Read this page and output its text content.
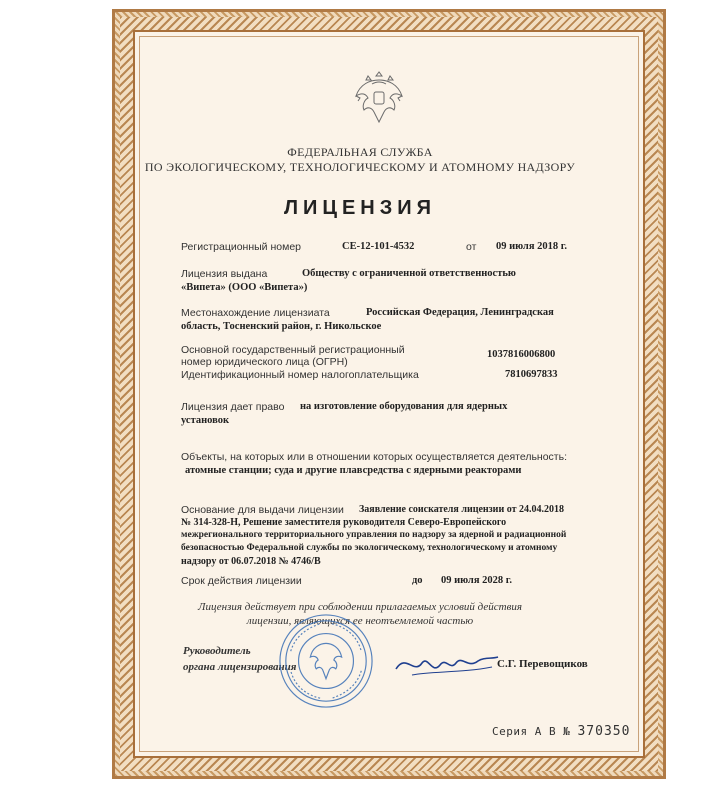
ФЕДЕРАЛЬНАЯ СЛУЖБА
ПО ЭКОЛОГИЧЕСКОМУ, ТЕХНОЛОГИЧЕСКОМУ И АТОМНОМУ НАДЗОРУ
ЛИЦЕНЗИЯ
Регистрационный номер	СЕ-12-101-4532	от 09 июля 2018 г.
Лицензия выдана	Обществу с ограниченной ответственностью
«Випета» (ООО «Випета»)
Местонахождение лицензиата	Российская Федерация, Ленинградская
область, Тосненский район, г. Никольское
Основной государственный регистрационный
номер юридического лица (ОГРН)
1037816006800
Идентификационный номер налогоплательщика	7810697833
Лицензия дает право на изготовление оборудования для ядерных
установок
Объекты, на которых или в отношении которых осуществляется деятельность:
атомные станции; суда и другие плавсредства с ядерными реакторами
Основание для выдачи лицензии Заявление соискателя лицензии от 24.04.2018
№ 314-328-Н, Решение заместителя руководителя Северо-Европейского
межрегионального территориального управления по надзору за ядерной и радиационной
безопасностью Федеральной службы по экологическому, технологическому и атомному
надзору от 06.07.2018 № 4746/В
Срок действия лицензии	до 09 июля 2028 г.
Лицензия действует при соблюдении прилагаемых условий действия
лицензии, являющихся ее неотъемлемой частью
Руководитель
органа лицензирования	С.Г. Перевощиков
Серия А В № 370350
